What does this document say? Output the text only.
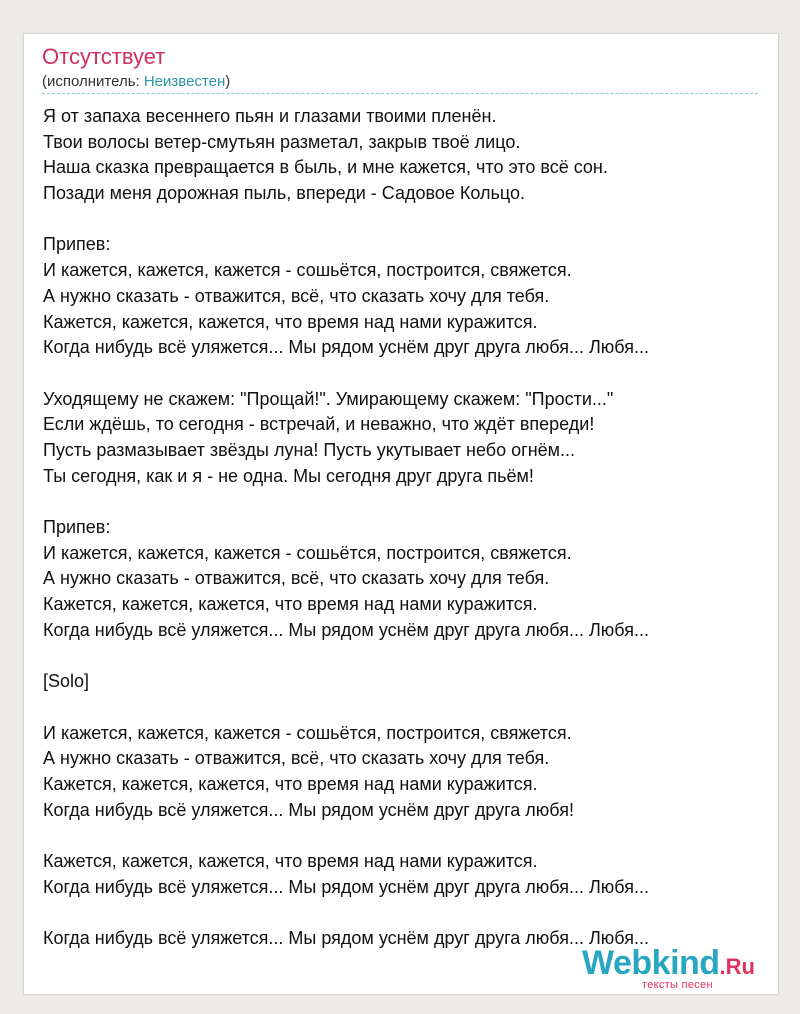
Отсутствует
(исполнитель: Неизвестен)
Я от запаха весеннего пьян и глазами твоими пленён.
Твои волосы ветер-смутьян разметал, закрыв твоё лицо.
Наша сказка превращается в быль, и мне кажется, что это всё сон.
Позади меня дорожная пыль, впереди - Садовое Кольцо.
Припев:
И кажется, кажется, кажется - сошьётся, построится, свяжется.
А нужно сказать - отважится, всё, что сказать хочу для тебя.
Кажется, кажется, кажется, что время над нами куражится.
Когда нибудь всё уляжется... Мы рядом уснём друг друга любя... Любя...
Уходящему не скажем: "Прощай!". Умирающему скажем: "Прости..."
Если ждёшь, то сегодня - встречай, и неважно, что ждёт впереди!
Пусть размазывает звёзды луна! Пусть укутывает небо огнём...
Ты сегодня, как и я - не одна. Мы сегодня друг друга пьём!
Припев:
И кажется, кажется, кажется - сошьётся, построится, свяжется.
А нужно сказать - отважится, всё, что сказать хочу для тебя.
Кажется, кажется, кажется, что время над нами куражится.
Когда нибудь всё уляжется... Мы рядом уснём друг друга любя... Любя...
[Solo]
И кажется, кажется, кажется - сошьётся, построится, свяжется.
А нужно сказать - отважится, всё, что сказать хочу для тебя.
Кажется, кажется, кажется, что время над нами куражится.
Когда нибудь всё уляжется... Мы рядом уснём друг друга любя!
Кажется, кажется, кажется, что время над нами куражится.
Когда нибудь всё уляжется... Мы рядом уснём друг друга любя... Любя...
Когда нибудь всё уляжется... Мы рядом уснём друг друга любя... Любя...
Webkind.Ru
тексты песен
